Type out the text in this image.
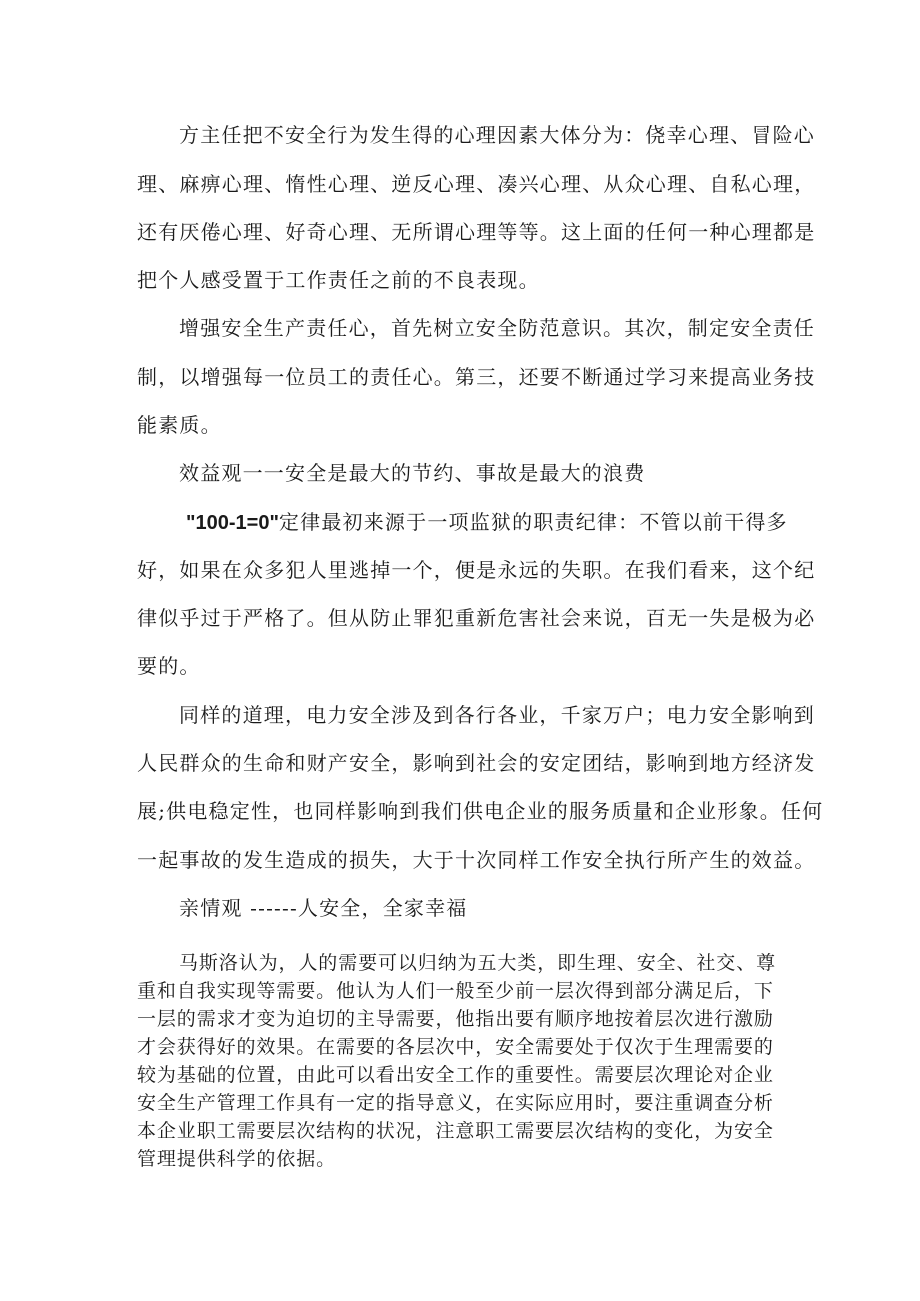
方主任把不安全行为发生得的心理因素大体分为：侥幸心理、冒险心
理、麻痹心理、惰性心理、逆反心理、凑兴心理、从众心理、自私心理，
还有厌倦心理、好奇心理、无所谓心理等等。这上面的任何一种心理都是
把个人感受置于工作责任之前的不良表现。
增强安全生产责任心，首先树立安全防范意识。其次，制定安全责任
制，以增强每一位员工的责任心。第三，还要不断通过学习来提高业务技
能素质。
效益观一一安全是最大的节约、事故是最大的浪费
"100-1=0"定律最初来源于一项监狱的职责纪律：不管以前干得多
好，如果在众多犯人里逃掉一个，便是永远的失职。在我们看来，这个纪
律似乎过于严格了。但从防止罪犯重新危害社会来说，百无一失是极为必
要的。
同样的道理，电力安全涉及到各行各业，千家万户；电力安全影响到
人民群众的生命和财产安全，影响到社会的安定团结，影响到地方经济发
展;供电稳定性，也同样影响到我们供电企业的服务质量和企业形象。任何
一起事故的发生造成的损失，大于十次同样工作安全执行所产生的效益。
亲情观 ------人安全，全家幸福
马斯洛认为，人的需要可以归纳为五大类，即生理、安全、社交、尊
重和自我实现等需要。他认为人们一般至少前一层次得到部分满足后，下
一层的需求才变为迫切的主导需要，他指出要有顺序地按着层次进行激励
才会获得好的效果。在需要的各层次中，安全需要处于仅次于生理需要的
较为基础的位置，由此可以看出安全工作的重要性。需要层次理论对企业
安全生产管理工作具有一定的指导意义，在实际应用时，要注重调查分析
本企业职工需要层次结构的状况，注意职工需要层次结构的变化，为安全
管理提供科学的依据。
